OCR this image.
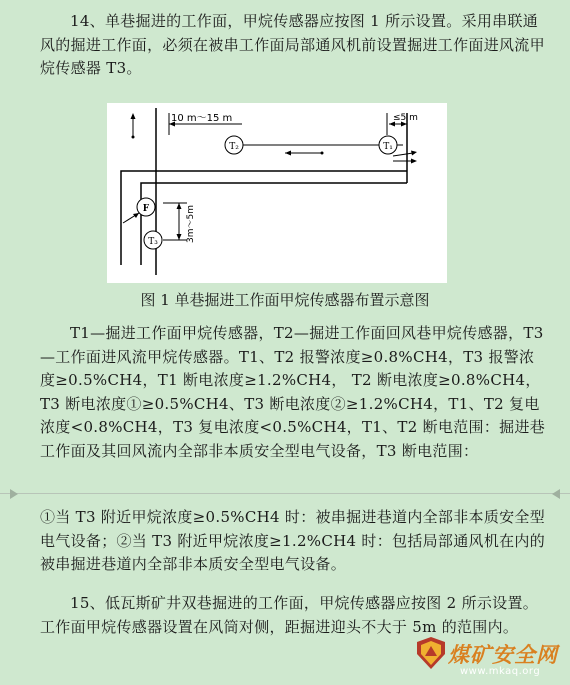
14、单巷掘进的工作面，甲烷传感器应按图 1 所示设置。采用串联通风的掘进工作面，必须在被串工作面局部通风机前设置掘进工作面进风流甲烷传感器 T3。
10 m～15 m	≤5 m
T₂	T₁
F
T₃	3m～5m
图 1 单巷掘进工作面甲烷传感器布置示意图
T1—掘进工作面甲烷传感器，T2—掘进工作面回风巷甲烷传感器，T3—工作面进风流甲烷传感器。T1、T2 报警浓度≥0.8%CH4，T3 报警浓度≥0.5%CH4，T1 断电浓度≥1.2%CH4， T2 断电浓度≥0.8%CH4，T3 断电浓度①≥0.5%CH4、T3 断电浓度②≥1.2%CH4，T1、T2 复电浓度<0.8%CH4，T3 复电浓度<0.5%CH4，T1、T2 断电范围：掘进巷工作面及其回风流内全部非本质安全型电气设备，T3 断电范围：
①当 T3 附近甲烷浓度≥0.5%CH4 时：被串掘进巷道内全部非本质安全型电气设备；②当 T3 附近甲烷浓度≥1.2%CH4 时：包括局部通风机在内的被串掘进巷道内全部非本质安全型电气设备。
15、低瓦斯矿井双巷掘进的工作面，甲烷传感器应按图 2 所示设置。工作面甲烷传感器设置在风筒对侧，距掘进迎头不大于 5m 的范围内。
煤矿安全网
www.mkaq.org
